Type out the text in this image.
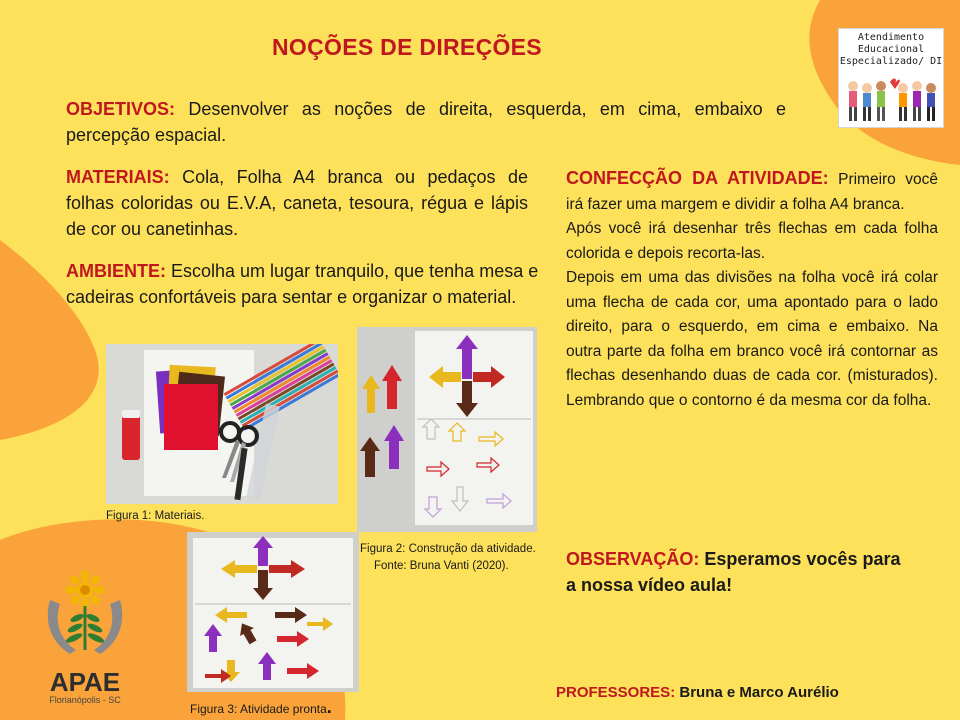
NOÇÕES DE DIREÇÕES	Atendimento
Educacional
Especializado/ DI
OBJETIVOS: Desenvolver as noções de direita, esquerda, em cima, embaixo e percepção espacial.
MATERIAIS: Cola, Folha A4 branca ou pedaços de folhas coloridas ou E.V.A, caneta, tesoura, régua e lápis de cor ou canetinhas.
AMBIENTE: Escolha um lugar tranquilo, que tenha mesa e cadeiras confortáveis para sentar e organizar o material.
CONFECÇÃO DA ATIVIDADE: Primeiro você irá fazer uma margem e dividir a folha A4 branca.
Após você irá desenhar três flechas em cada folha colorida e depois recorta-las.
Depois em uma das divisões na folha você irá colar uma flecha de cada cor, uma apontado para o lado direito, para o esquerdo, em cima e embaixo. Na outra parte da folha em branco você irá contornar as flechas desenhando duas de cada cor. (misturados). Lembrando que o contorno é da mesma cor da folha.
OBSERVAÇÃO: Esperamos vocês para a nossa vídeo aula!
Figura 1: Materiais.
Figura 2: Construção da atividade.
Fonte: Bruna Vanti (2020).
Figura 3: Atividade pronta.
APAE
Florianópolis - SC	PROFESSORES: Bruna e Marco Aurélio
